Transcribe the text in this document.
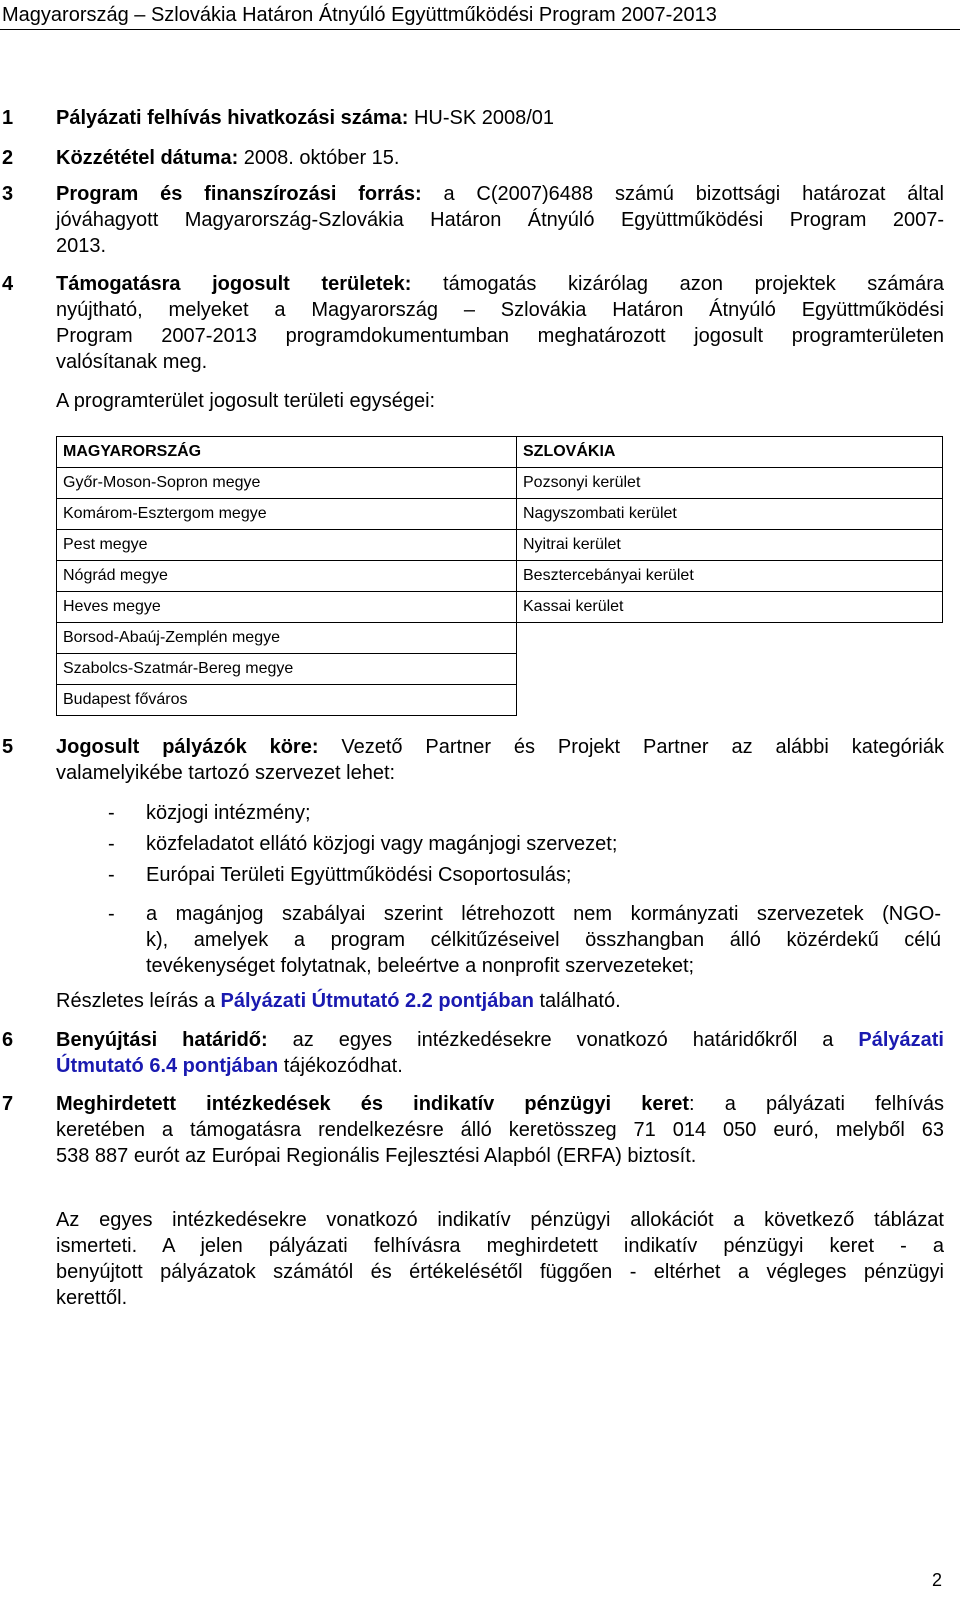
Magyarország – Szlovákia Határon Átnyúló Együttműködési Program 2007-2013
1 Pályázati felhívás hivatkozási száma: HU-SK 2008/01
2 Közzététel dátuma: 2008. október 15.
3 Program és finanszírozási forrás: a C(2007)6488 számú bizottsági határozat által
jóváhagyott Magyarország-Szlovákia Határon Átnyúló Együttműködési Program 2007-
2013.
4 Támogatásra jogosult területek: támogatás kizárólag azon projektek számára
nyújtható, melyeket a Magyarország – Szlovákia Határon Átnyúló Együttműködési
Program 2007-2013 programdokumentumban meghatározott jogosult programterületen
valósítanak meg.
A programterület jogosult területi egységei:
MAGYARORSZÁG	SZLOVÁKIA
Győr-Moson-Sopron megye	Pozsonyi kerület
Komárom-Esztergom megye	Nagyszombati kerület
Pest megye	Nyitrai kerület
Nógrád megye	Besztercebányai kerület
Heves megye	Kassai kerület
Borsod-Abaúj-Zemplén megye	
Szabolcs-Szatmár-Bereg megye	
Budapest főváros	
5 Jogosult pályázók köre: Vezető Partner és Projekt Partner az alábbi kategóriák
valamelyikébe tartozó szervezet lehet:
- közjogi intézmény;
- közfeladatot ellátó közjogi vagy magánjogi szervezet;
- Európai Területi Együttműködési Csoportosulás;
- a magánjog szabályai szerint létrehozott nem kormányzati szervezetek (NGO-
k), amelyek a program célkitűzéseivel összhangban álló közérdekű célú
tevékenységet folytatnak, beleértve a nonprofit szervezeteket;
Részletes leírás a Pályázati Útmutató 2.2 pontjában található.
6 Benyújtási határidő: az egyes intézkedésekre vonatkozó határidőkről a Pályázati
Útmutató 6.4 pontjában tájékozódhat.
7 Meghirdetett intézkedések és indikatív pénzügyi keret: a pályázati felhívás
keretében a támogatásra rendelkezésre álló keretösszeg 71 014 050 euró, melyből 63
538 887 eurót az Európai Regionális Fejlesztési Alapból (ERFA) biztosít.
Az egyes intézkedésekre vonatkozó indikatív pénzügyi allokációt a következő táblázat
ismerteti. A jelen pályázati felhívásra meghirdetett indikatív pénzügyi keret - a
benyújtott pályázatok számától és értékelésétől függően - eltérhet a végleges pénzügyi
kerettől.
2
